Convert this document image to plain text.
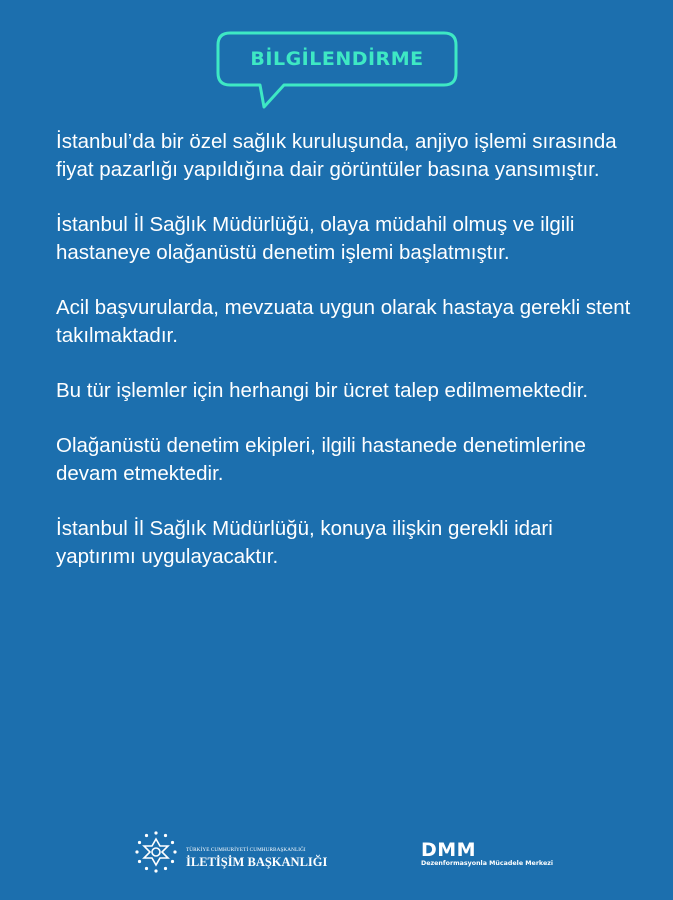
BİLGİLENDİRME

İstanbul’da bir özel sağlık kuruluşunda, anjiyo işlemi sırasında fiyat pazarlığı yapıldığına dair görüntüler basına yansımıştır.

İstanbul İl Sağlık Müdürlüğü, olaya müdahil olmuş ve ilgili hastaneye olağanüstü denetim işlemi başlatmıştır.

Acil başvurularda, mevzuata uygun olarak hastaya gerekli stent takılmaktadır.

Bu tür işlemler için herhangi bir ücret talep edilmemektedir.

Olağanüstü denetim ekipleri, ilgili hastanede denetimlerine devam etmektedir.

İstanbul İl Sağlık Müdürlüğü, konuya ilişkin gerekli idari yaptırımı uygulayacaktır.

TÜRKİYE CUMHURİYETİ CUMHURBAŞKANLIĞI
İLETİŞİM BAŞKANLIĞI
DMM
Dezenformasyonla Mücadele Merkezi
